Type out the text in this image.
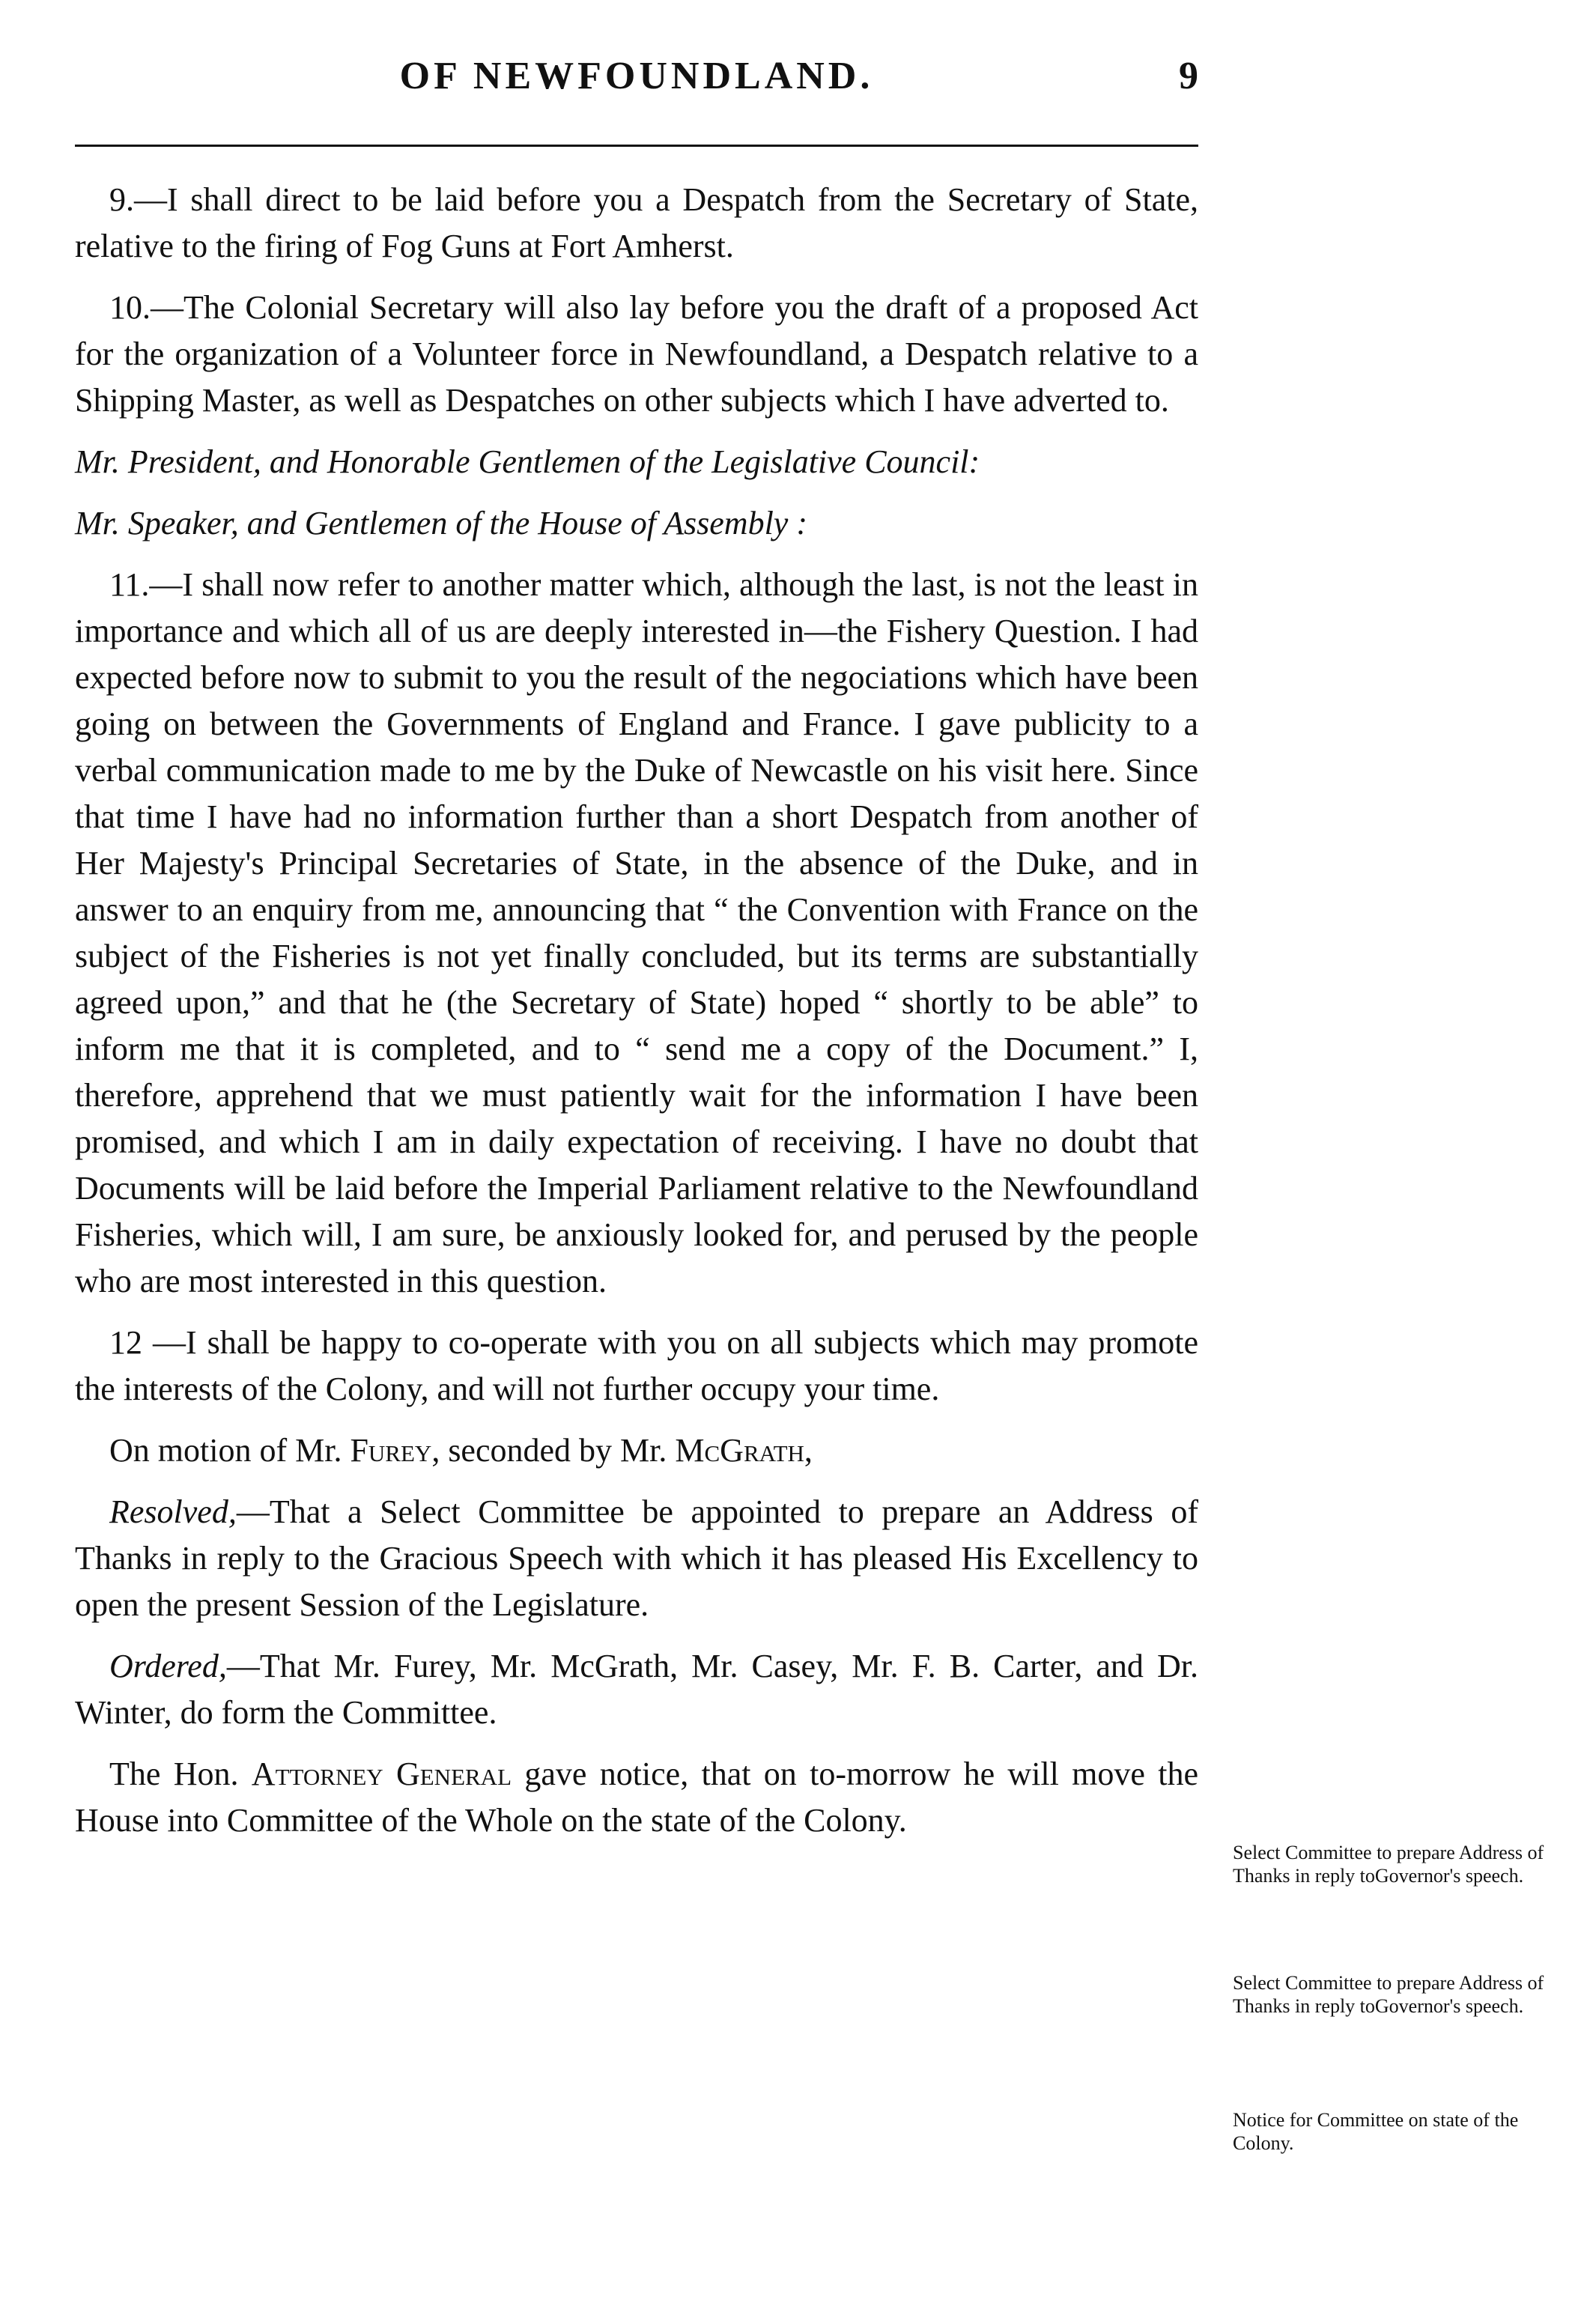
OF NEWFOUNDLAND.	9

9.—I shall direct to be laid before you a Despatch from the Secretary of State, relative to the firing of Fog Guns at Fort Amherst.

10.—The Colonial Secretary will also lay before you the draft of a proposed Act for the organization of a Volunteer force in Newfoundland, a Despatch relative to a Shipping Master, as well as Despatches on other subjects which I have adverted to.

Mr. President, and Honorable Gentlemen of the Legislative Council:

Mr. Speaker, and Gentlemen of the House of Assembly :

11.—I shall now refer to another matter which, although the last, is not the least in importance and which all of us are deeply interested in—the Fishery Question. I had expected before now to submit to you the result of the negociations which have been going on between the Governments of England and France. I gave publicity to a verbal communication made to me by the Duke of Newcastle on his visit here. Since that time I have had no information further than a short Despatch from another of Her Majesty's Principal Secretaries of State, in the absence of the Duke, and in answer to an enquiry from me, announcing that “ the Convention with France on the subject of the Fisheries is not yet finally concluded, but its terms are substantially agreed upon,” and that he (the Secretary of State) hoped “ shortly to be able” to inform me that it is completed, and to “ send me a copy of the Document.” I, therefore, apprehend that we must patiently wait for the information I have been promised, and which I am in daily expectation of receiving. I have no doubt that Documents will be laid before the Imperial Parliament relative to the Newfoundland Fisheries, which will, I am sure, be anxiously looked for, and perused by the people who are most interested in this question.

12 —I shall be happy to co-operate with you on all subjects which may promote the interests of the Colony, and will not further occupy your time.

On motion of Mr. Furey, seconded by Mr. McGrath,

Resolved,—That a Select Committee be appointed to prepare an Address of Thanks in reply to the Gracious Speech with which it has pleased His Excellency to open the present Session of the Legislature.

Ordered,—That Mr. Furey, Mr. McGrath, Mr. Casey, Mr. F. B. Carter, and Dr. Winter, do form the Committee.

The Hon. Attorney General gave notice, that on to-morrow he will move the House into Committee of the Whole on the state of the Colony.

Select Committee to prepare Address of Thanks in reply toGovernor's speech.
Select Committee to prepare Address of Thanks in reply toGovernor's speech.
Notice for Committee on state of the Colony.
